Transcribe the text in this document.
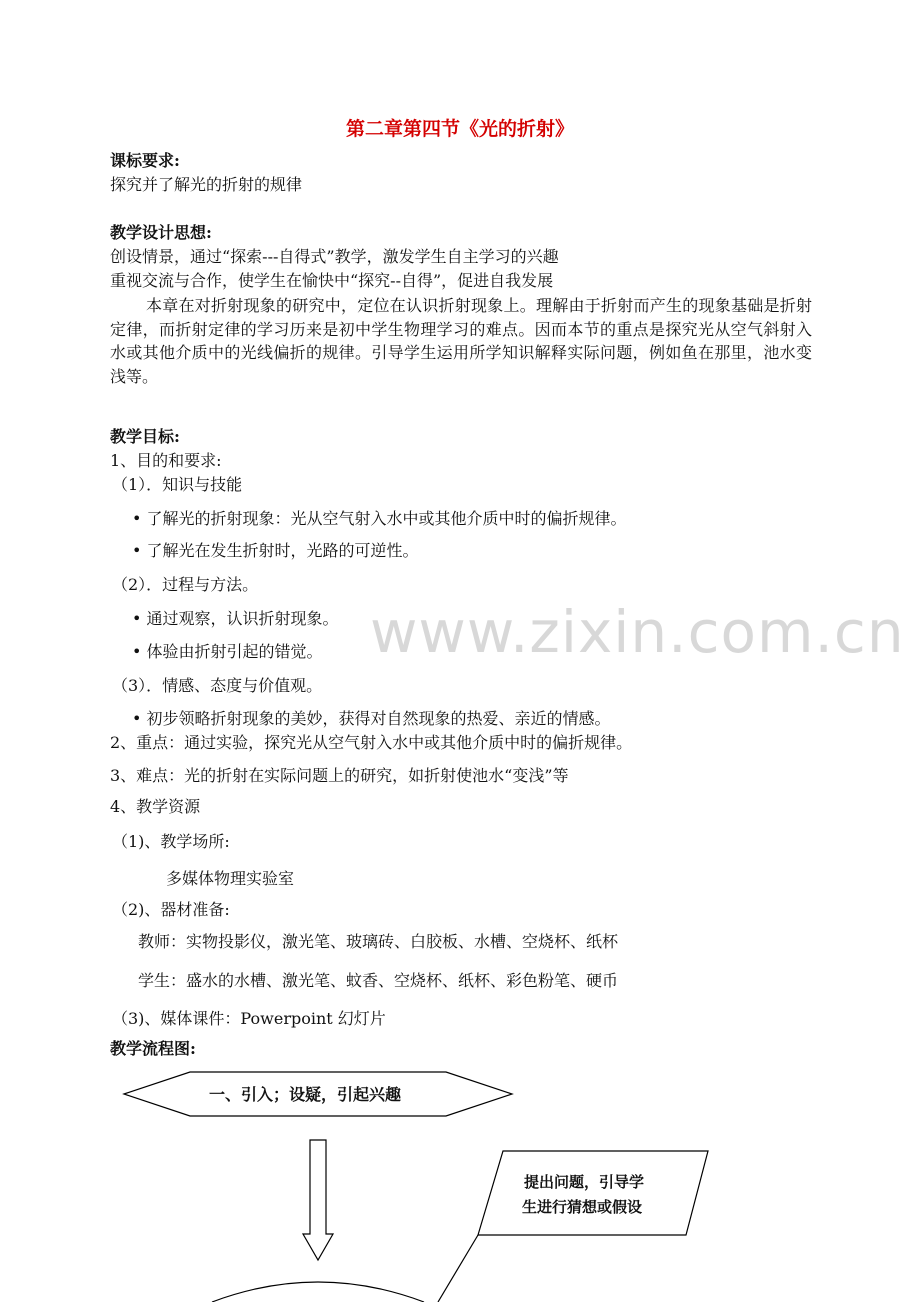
第二章第四节《光的折射》
课标要求:
探究并了解光的折射的规律
教学设计思想:
创设情景，通过“探索---自得式”教学，激发学生自主学习的兴趣
重视交流与合作，使学生在愉快中“探究--自得”，促进自我发展
本章在对折射现象的研究中，定位在认识折射现象上。理解由于折射而产生的现象基础是折射定律，而折射定律的学习历来是初中学生物理学习的难点。因而本节的重点是探究光从空气斜射入水或其他介质中的光线偏折的规律。引导学生运用所学知识解释实际问题，例如鱼在那里，池水变浅等。
教学目标:
1、目的和要求:
（1）．知识与技能
• 了解光的折射现象：光从空气射入水中或其他介质中时的偏折规律。
• 了解光在发生折射时，光路的可逆性。
（2）．过程与方法。
• 通过观察，认识折射现象。
• 体验由折射引起的错觉。
（3）．情感、态度与价值观。
• 初步领略折射现象的美妙，获得对自然现象的热爱、亲近的情感。
2、重点：通过实验，探究光从空气射入水中或其他介质中时的偏折规律。
3、难点：光的折射在实际问题上的研究，如折射使池水“变浅”等
4、教学资源
（1)、教学场所:
多媒体物理实验室
（2)、器材准备:
教师：实物投影仪，激光笔、玻璃砖、白胶板、水槽、空烧杯、纸杯
学生：盛水的水槽、激光笔、蚊香、空烧杯、纸杯、彩色粉笔、硬币
（3)、媒体课件：Powerpoint 幻灯片
教学流程图:
www.zixin.com.cn
一、引入；设疑，引起兴趣
提出问题，引导学
生进行猜想或假设
